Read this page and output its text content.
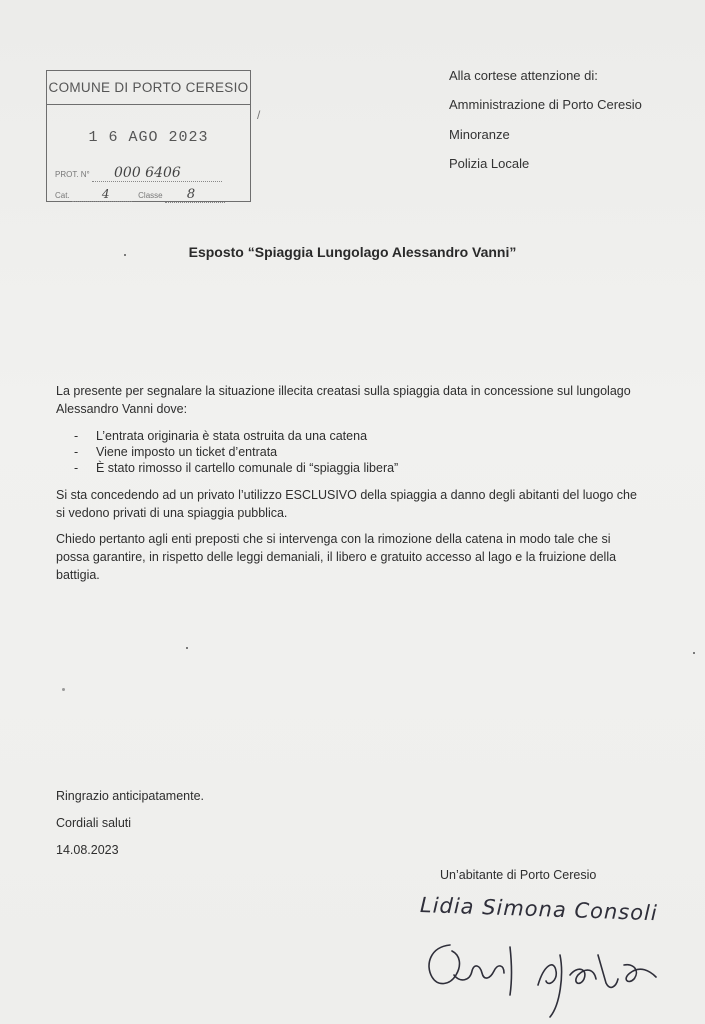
COMUNE DI PORTO CERESIO
1 6 AGO 2023
PROT. N° 000 6406
Cat.	4	Classe 8
/
Alla cortese attenzione di:
Amministrazione di Porto Ceresio
Minoranze
Polizia Locale
Esposto “Spiaggia Lungolago Alessandro Vanni”
La presente per segnalare la situazione illecita creatasi sulla spiaggia data in concessione sul lungolago Alessandro Vanni dove:
-	L’entrata originaria è stata ostruita da una catena
-	Viene imposto un ticket d’entrata
-	È stato rimosso il cartello comunale di “spiaggia libera”
Si sta concedendo ad un privato l’utilizzo ESCLUSIVO della spiaggia a danno degli abitanti del luogo che si vedono privati di una spiaggia pubblica.
Chiedo pertanto agli enti preposti che si intervenga con la rimozione della catena in modo tale che si possa garantire, in rispetto delle leggi demaniali, il libero e gratuito accesso al lago e la fruizione della battigia.
Ringrazio anticipatamente.
Cordiali saluti
14.08.2023
Un’abitante di Porto Ceresio
Lidia Simona Consoli
